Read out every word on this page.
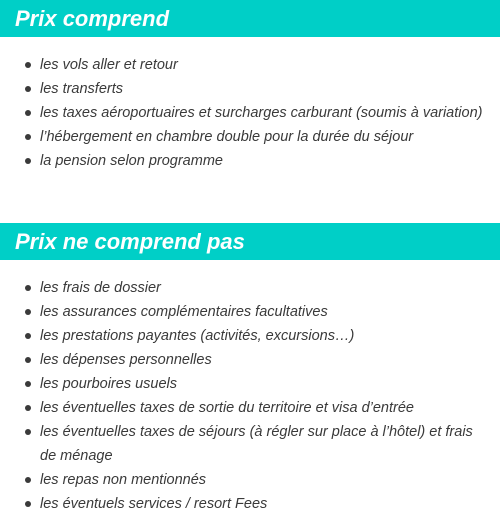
Prix comprend
les vols aller et retour
les transferts
les taxes aéroportuaires et surcharges carburant (soumis à variation)
l’hébergement en chambre double pour la durée du séjour
la pension selon programme
Prix ne comprend pas
les frais de dossier
les assurances complémentaires facultatives
les prestations payantes (activités, excursions…)
les dépenses personnelles
les pourboires usuels
les éventuelles taxes de sortie du territoire et visa d’entrée
les éventuelles taxes de séjours (à régler sur place à l’hôtel) et frais de ménage
les repas non mentionnés
les éventuels services / resort Fees
